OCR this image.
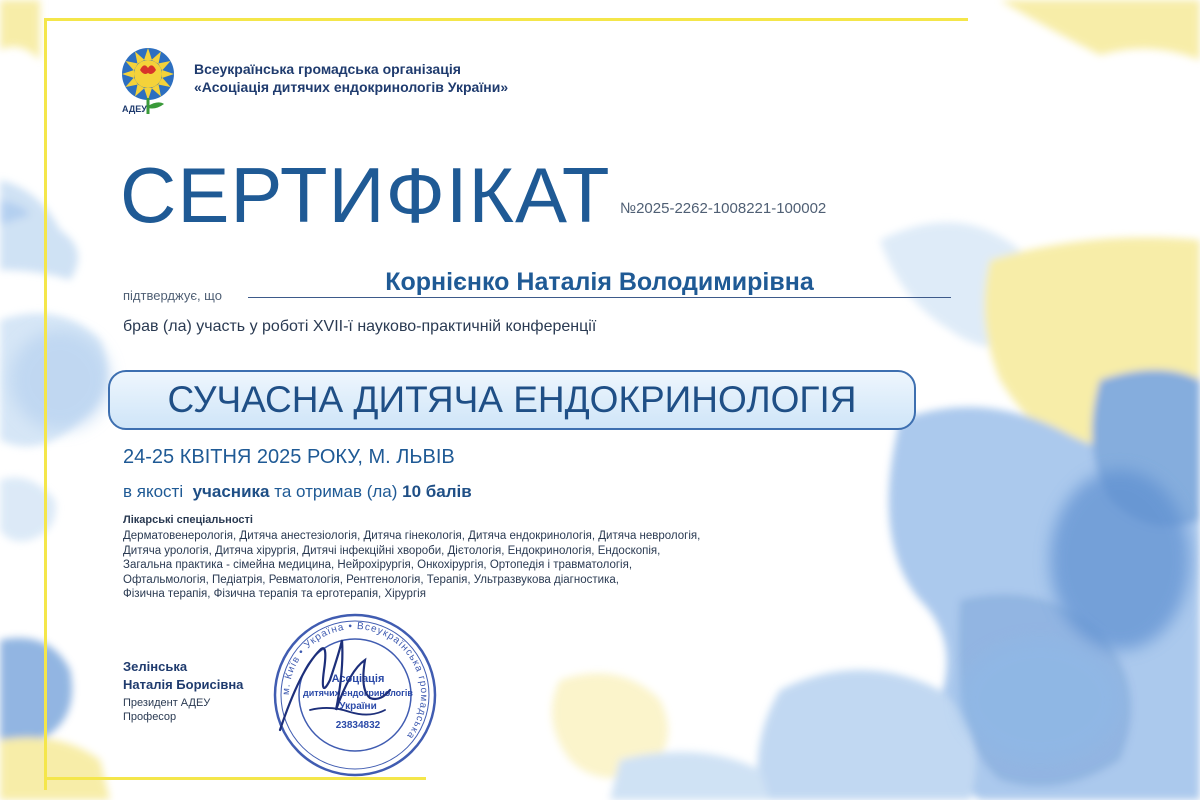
АДЕУ
Всеукраїнська громадська організація
«Асоціація дитячих ендокринологів України»
СЕРТИФІКАТ №2025-2262-1008221-100002
підтверджує, що	Корнієнко Наталія Володимирівна
брав (ла) участь у роботі XVII-ї науково-практичній конференції
СУЧАСНА ДИТЯЧА ЕНДОКРИНОЛОГІЯ
24-25 КВІТНЯ 2025 РОКУ, М. ЛЬВІВ
в якості учасника та отримав (ла) 10 балів
Лікарські спеціальності
Дерматовенерологія, Дитяча анестезіологія, Дитяча гінекологія, Дитяча ендокринологія, Дитяча неврологія,
Дитяча урологія, Дитяча хірургія, Дитячі інфекційні хвороби, Дієтологія, Ендокринологія, Ендоскопія,
Загальна практика - сімейна медицина, Нейрохірургія, Онкохірургія, Ортопедія і травматологія,
Офтальмологія, Педіатрія, Ревматологія, Рентгенологія, Терапія, Ультразвукова діагностика,
Фізична терапія, Фізична терапія та ерготерапія, Хірургія
Зелінська
Наталія Борисівна
Президент АДЕУ
Професор
м. Київ • Україна • Всеукраїнська громадська
Асоціація
дитячих ендокринологів
України
23834832
